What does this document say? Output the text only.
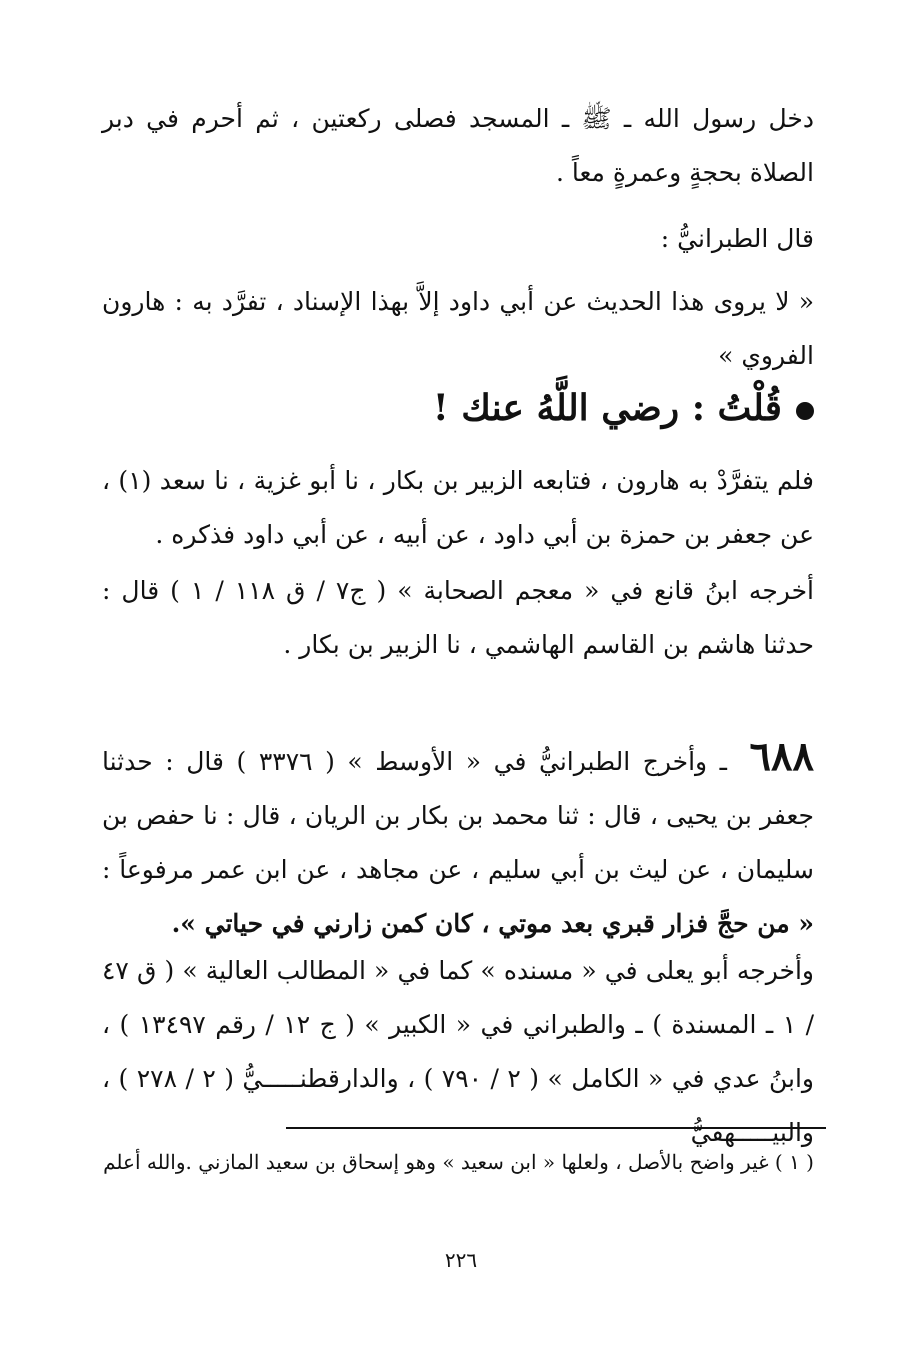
دخل رسول الله ـ ﷺ ـ المسجد فصلى ركعتين ، ثم أحرم في دبر الصلاة بحجةٍ وعمرةٍ معاً .
قال الطبرانيُّ :
« لا يروى هذا الحديث عن أبي داود إلاَّ بهذا الإسناد ، تفرَّد به : هارون الفروي »
قُلْتُ : رضي اللَّهُ عنك !
فلم يتفرَّدْ به هارون ، فتابعه الزبير بن بكار ، نا أبو غزية ، نا سعد (١) ، عن جعفر بن حمزة بن أبي داود ، عن أبيه ، عن أبي داود فذكره .
أخرجه ابنُ قانع في « معجم الصحابة » ( ج٧ / ق ١١٨ / ١ ) قال : حدثنا هاشم بن القاسم الهاشمي ، نا الزبير بن بكار .
٦٨٨ ـ وأخرج الطبرانيُّ في « الأوسط » ( ٣٣٧٦ ) قال : حدثنا جعفر بن يحيى ، قال : ثنا محمد بن بكار بن الريان ، قال : نا حفص بن سليمان ، عن ليث بن أبي سليم ، عن مجاهد ، عن ابن عمر مرفوعاً : « من حجَّ فزار قبري بعد موتي ، كان كمن زارني في حياتي ».
وأخرجه أبو يعلى في « مسنده » كما في « المطالب العالية » ( ق ٤٧ / ١ ـ المسندة ) ـ والطبراني في « الكبير » ( ج ١٢ / رقم ١٣٤٩٧ ) ، وابنُ عدي في « الكامل » ( ٢ / ٧٩٠ ) ، والدارقطنـــــيُّ ( ٢ / ٢٧٨ ) ، والبيـــــهقيُّ
( ١ ) غير واضح بالأصل ، ولعلها « ابن سعيد » وهو إسحاق بن سعيد المازني .والله أعلم
٢٢٦
